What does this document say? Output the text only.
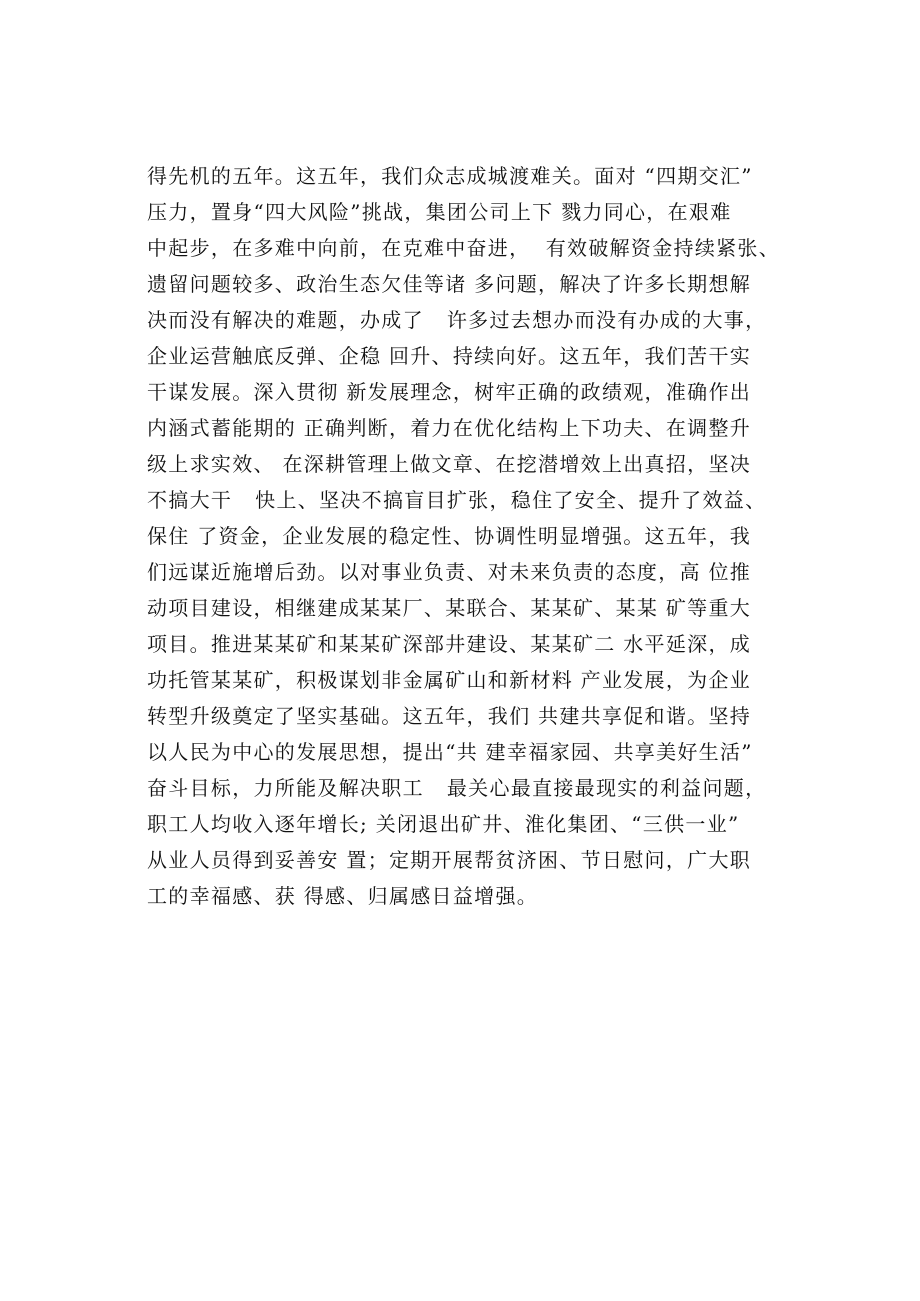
得先机的五年。这五年，我们众志成城渡难关。面对 “四期交汇”
压力，置身“四大风险”挑战，集团公司上下 戮力同心，在艰难
中起步，在多难中向前，在克难中奋进，  有效破解资金持续紧张、
遗留问题较多、政治生态欠佳等诸 多问题，解决了许多长期想解
决而没有解决的难题，办成了   许多过去想办而没有办成的大事，
企业运营触底反弹、企稳 回升、持续向好。这五年，我们苦干实
干谋发展。深入贯彻 新发展理念，树牢正确的政绩观，准确作出
内涵式蓄能期的 正确判断，着力在优化结构上下功夫、在调整升
级上求实效、 在深耕管理上做文章、在挖潜增效上出真招，坚决
不搞大干   快上、坚决不搞盲目扩张，稳住了安全、提升了效益、
保住 了资金，企业发展的稳定性、协调性明显增强。这五年，我
们远谋近施增后劲。以对事业负责、对未来负责的态度，高 位推
动项目建设，相继建成某某厂、某联合、某某矿、某某 矿等重大
项目。推进某某矿和某某矿深部井建设、某某矿二 水平延深，成
功托管某某矿，积极谋划非金属矿山和新材料 产业发展，为企业
转型升级奠定了坚实基础。这五年，我们 共建共享促和谐。坚持
以人民为中心的发展思想，提出“共 建幸福家园、共享美好生活”
奋斗目标，力所能及解决职工   最关心最直接最现实的利益问题，
职工人均收入逐年增长; 关闭退出矿井、淮化集团、“三供一业”
从业人员得到妥善安 置；定期开展帮贫济困、节日慰问，广大职
工的幸福感、获 得感、归属感日益增强。
